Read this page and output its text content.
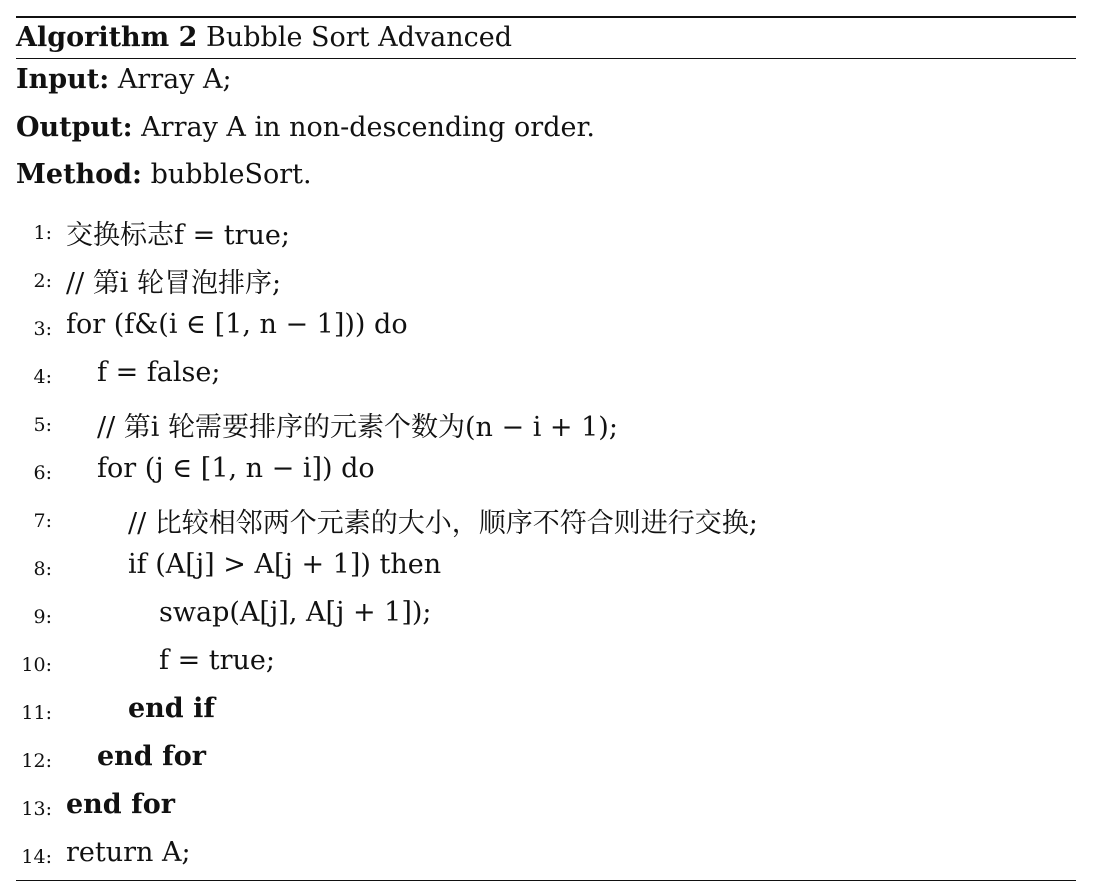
Algorithm 2 Bubble Sort Advanced
Input: Array A;
Output: Array A in non-descending order.
Method: bubbleSort.
1: 交换标志f = true;
2: // 第i 轮冒泡排序;
3: for (f&(i ∈ [1, n − 1])) do
4: f = false;
5: // 第i 轮需要排序的元素个数为(n − i + 1);
6: for (j ∈ [1, n − i]) do
7:	// 比较相邻两个元素的大小，顺序不符合则进行交换;
8:	if (A[j] > A[j + 1]) then
9:	swap(A[j], A[j + 1]);
10:	f = true;
11:	end if
12: end for
13: end for
14: return A;
